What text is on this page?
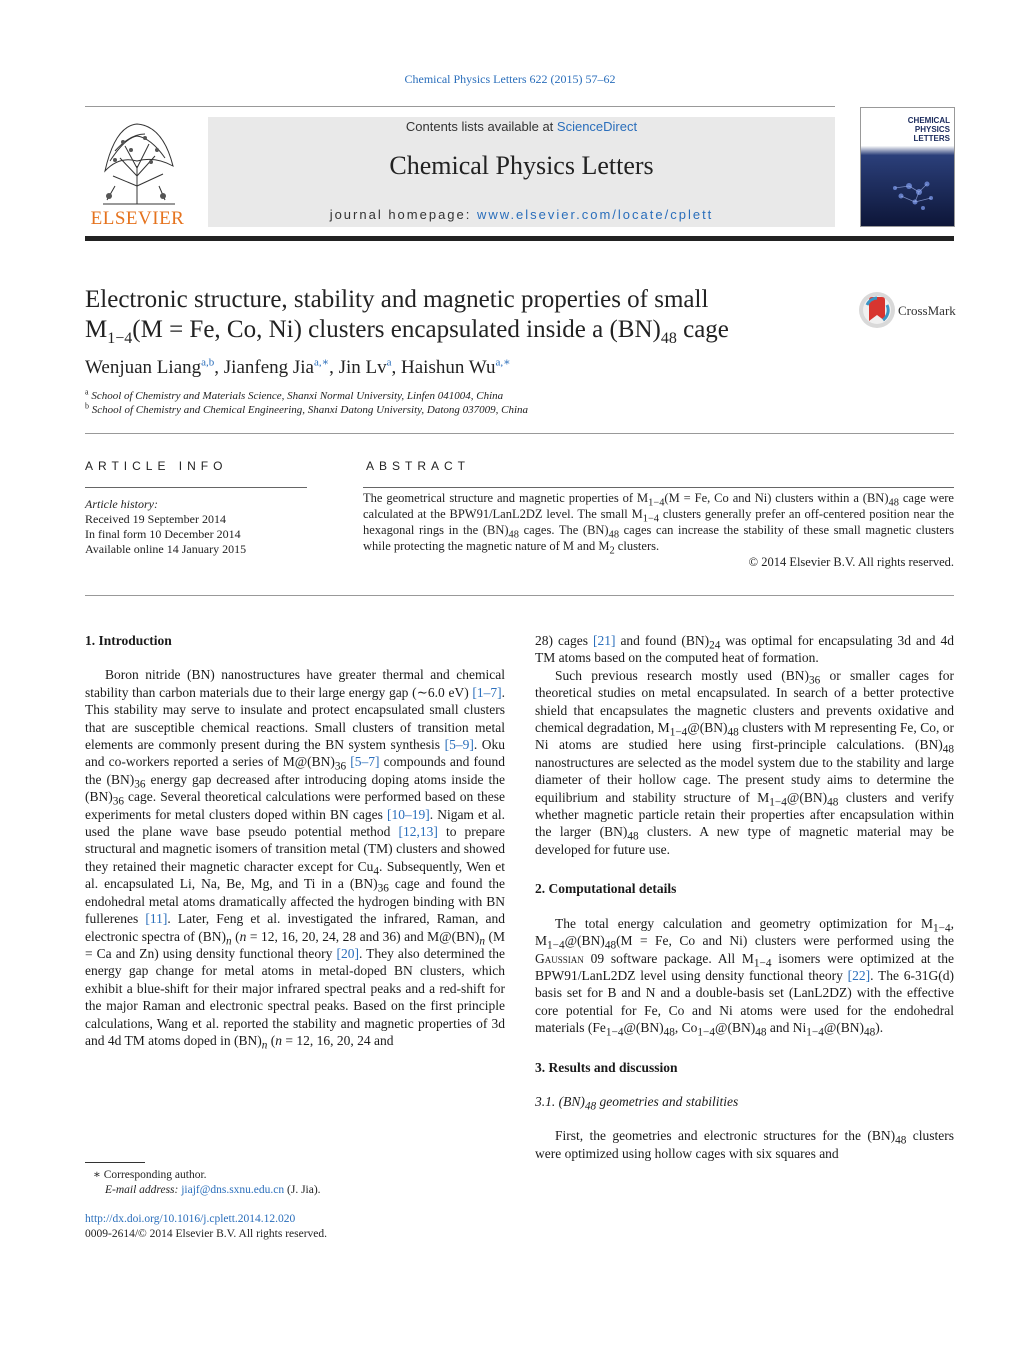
Chemical Physics Letters 622 (2015) 57–62
ELSEVIER
Contents lists available at ScienceDirect
Chemical Physics Letters
journal homepage: www.elsevier.com/locate/cplett
CHEMICAL
PHYSICS
LETTERS
Electronic structure, stability and magnetic properties of small
$M_{1-4}(M = Fe$, Co, Ni) clusters encapsulated inside a $(BN)_{48}$ cage
CrossMark
Wenjuan Liang$^{a,b}$, Jianfeng Jia$^{a,∗}$, Jin Lv$^a$, Haishun $Wu^{a,∗}$
$^a$ School of Chemistry and Materials Science, Shanxi Normal University, Linfen 041004, China
$^b$ School of Chemistry and Chemical Engineering, Shanxi Datong University, Datong 037009, China
ARTICLE INFO
Article history:
Received 19 September 2014
In final form 10 December 2014
Available online 14 January 2015
ABSTRACT
The geometrical structure and magnetic properties of $M_{1-4}(M = Fe$, Co and Ni) clusters within a $(BN)_{48}$ cage were calculated at the BPW91/LanL2DZ level. The small $M_{1-4}$ clusters generally prefer an off-centered position near the hexagonal rings in the $(BN)_{48}$ cages. The $(BN)_{48}$ cages can increase the stability of these small magnetic clusters while protecting the magnetic nature of M and $M_2$ clusters.
© 2014 Elsevier B.V. All rights reserved.
1. Introduction

Boron nitride (BN) nanostructures have greater thermal and chemical stability than carbon materials due to their large energy gap (∼6.0 eV) [1–7]. This stability may serve to insulate and protect encapsulated small clusters that are susceptible chemical reactions. Small clusters of transition metal elements are commonly present during the BN system synthesis [5–9]. Oku and co-workers reported a series of $M@(BN)_{36}$ [5–7] compounds and found the $(BN)_{36}$ energy gap decreased after introducing doping atoms inside the $(BN)_{36}$ cage. Several theoretical calculations were performed based on these experiments for metal clusters doped within BN cages [10–19]. Nigam et al. used the plane wave base pseudo potential method [12,13] to prepare structural and magnetic isomers of transition metal (TM) clusters and showed they retained their magnetic character except for $Cu_4$. Subsequently, Wen et al. encapsulated Li, Na, Be, Mg, and Ti in a $(BN)_{36}$ cage and found the endohedral metal atoms dramatically affected the hydrogen binding with BN fullerenes [11]. Later, Feng et al. investigated the infrared, Raman, and electronic spectra of $(BN)_n$ (n = 12, 16, 20, 24, 28 and 36) and $M@(BN)_n$ (M = Ca and Zn) using density functional theory [20]. They also determined the energy gap change for metal atoms in metal-doped BN clusters, which exhibit a blue-shift for their major infrared spectral peaks and a red-shift for the major Raman and electronic spectral peaks. Based on the first principle calculations, Wang et al. reported the stability and magnetic properties of 3d and 4d TM atoms doped in $(BN)_n$ (n = 12, 16, 20, 24 and

28) cages [21] and found $(BN)_{24}$ was optimal for encapsulating 3d and 4d TM atoms based on the computed heat of formation.

Such previous research mostly used $(BN)_{36}$ or smaller cages for theoretical studies on metal encapsulated. In search of a better protective shield that encapsulates the magnetic clusters and prevents oxidative and chemical degradation, $M_{1-4}@(BN)_{48}$ clusters with M representing Fe, Co, or Ni atoms are studied here using first-principle calculations. $(BN)_{48}$ nanostructures are selected as the model system due to the stability and large diameter of their hollow cage. The present study aims to determine the equilibrium and stability structure of $M_{1-4}@(BN)_{48}$ clusters and verify whether magnetic particle retain their properties after encapsulation within the larger $(BN)_{48}$ clusters. A new type of magnetic material may be developed for future use.

2. Computational details

The total energy calculation and geometry optimization for $M_{1-4}$, $M_{1-4}@(BN)_{48}(M = Fe$, Co and Ni) clusters were performed using the Gaussian 09 software package. All $M_{1-4}$ isomers were optimized at the BPW91/LanL2DZ level using density functional theory [22]. The 6-31G(d) basis set for B and N and a double-basis set (LanL2DZ) with the effective core potential for Fe, Co and Ni atoms were used for the endohedral materials ($Fe_{1-4}@(BN)_{48}$, $Co_{1-4}@(BN)_{48}$ and $Ni_{1-4}@(BN)_{48}$).

3. Results and discussion
3.1. $(BN)_{48}$ geometries and stabilities

First, the geometries and electronic structures for the $(BN)_{48}$ clusters were optimized using hollow cages with six squares and

∗ Corresponding author.
E-mail address: jiajf@dns.sxnu.edu.cn (J. Jia).
http://dx.doi.org/10.1016/j.cplett.2014.12.020
0009-2614/© 2014 Elsevier B.V. All rights reserved.
